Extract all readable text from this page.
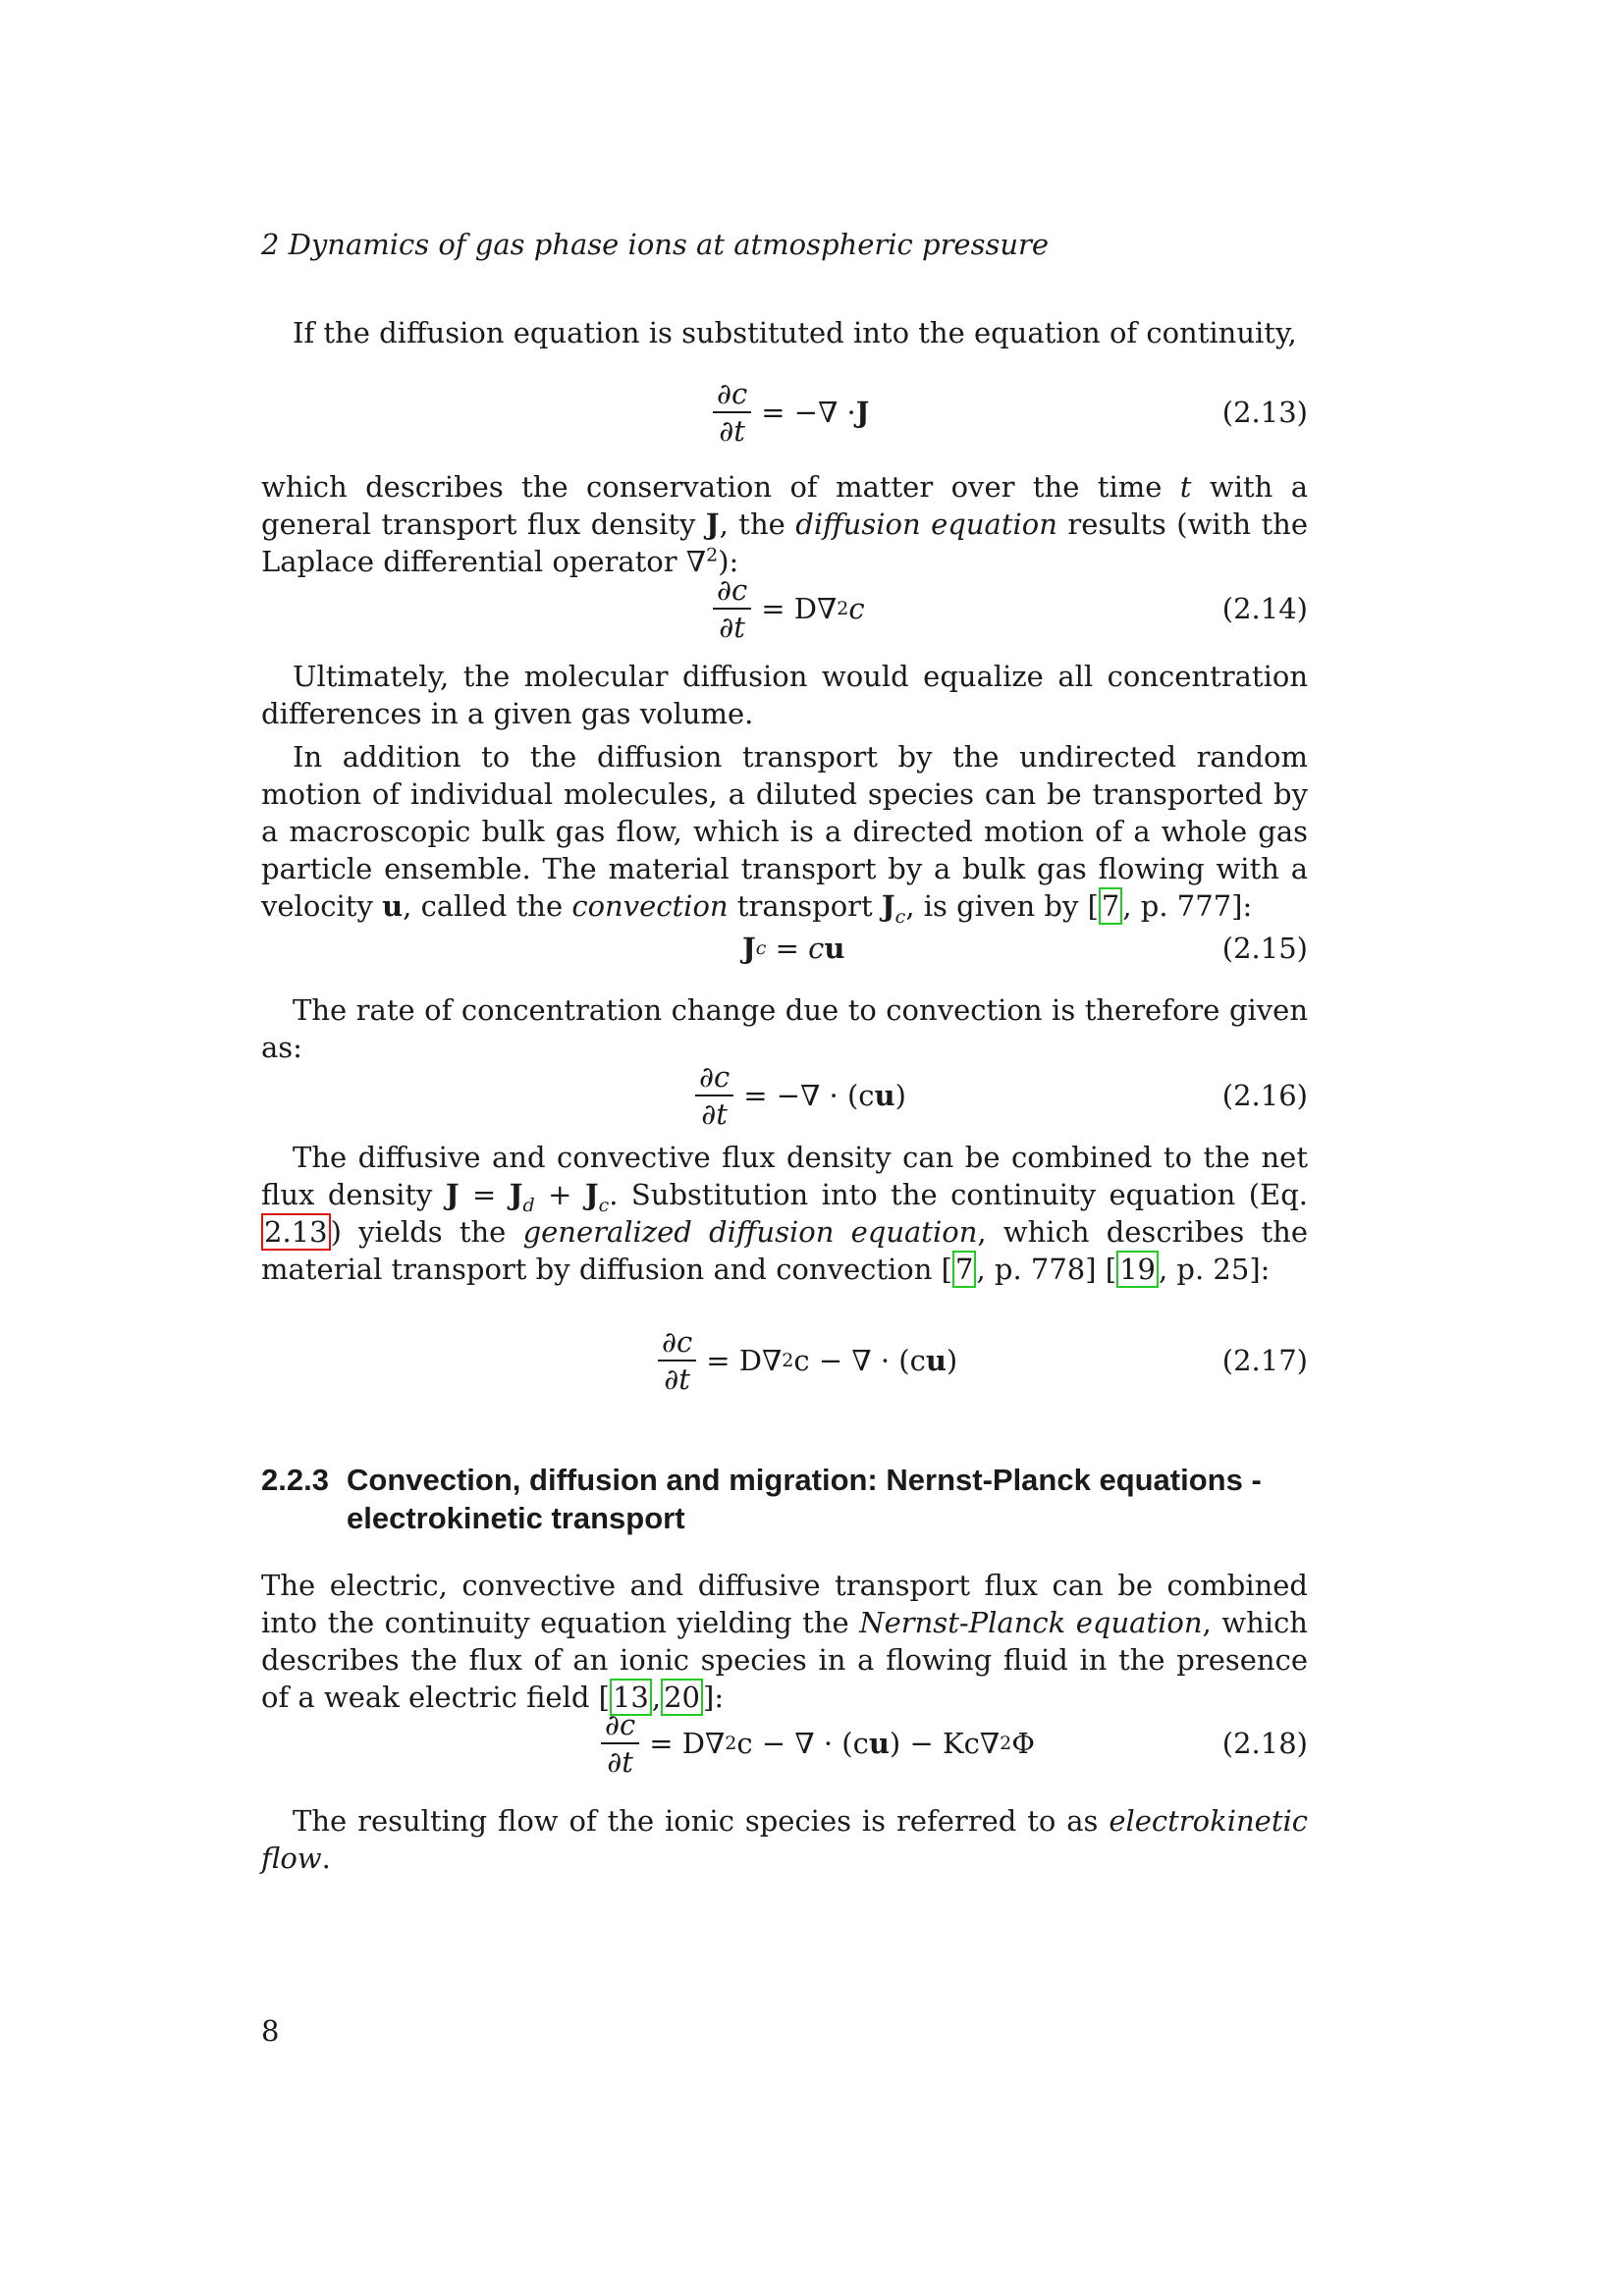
2 Dynamics of gas phase ions at atmospheric pressure

If the diffusion equation is substituted into the equation of continuity,

$\frac{\partial c}{\partial t}$ = −∇ · J	(2.13)

which describes the conservation of matter over the time t with a general transport flux density J, the diffusion equation results (with the Laplace differential operator ∇$^2$):

$\frac{\partial c}{\partial t} = D\nabla$ 2 c	(2.14)

Ultimately, the molecular diffusion would equalize all concentration differences in a given gas volume.

In addition to the diffusion transport by the undirected random motion of individual molecules, a diluted species can be transported by a macroscopic bulk gas flow, which is a directed motion of a whole gas particle ensemble. The material transport by a bulk gas flowing with a velocity u, called the convection transport $J_c$, is given by [ 7 , p. 777]:

J c = c u	(2.15)

The rate of concentration change due to convection is therefore given as:

$\frac{\partial c}{\partial t}$ = −∇ · (c u )	(2.16)

The diffusive and convective flux density can be combined to the net flux density $J = J_d + J_c$. Substitution into the continuity equation (Eq. 2.13 ) yields the generalized diffusion equation, which describes the material transport by diffusion and convection [ 7 , p. 778] [ 19 , p. 25]:

$\frac{\partial c}{\partial t} = D\nabla$ 2 c − ∇ · (c u )	(2.17)
2.2.3 Convection, diffusion and migration: Nernst-Planck equations - electrokinetic transport

The electric, convective and diffusive transport flux can be combined into the continuity equation yielding the Nernst-Planck equation, which describes the flux of an ionic species in a flowing fluid in the presence of a weak electric field [ 13 , 20 ]:

$\frac{\partial c}{\partial t} = D\nabla$ 2 c − ∇ · (c u ) − Kc∇ 2 Φ	(2.18)

The resulting flow of the ionic species is referred to as electrokinetic flow.

8
